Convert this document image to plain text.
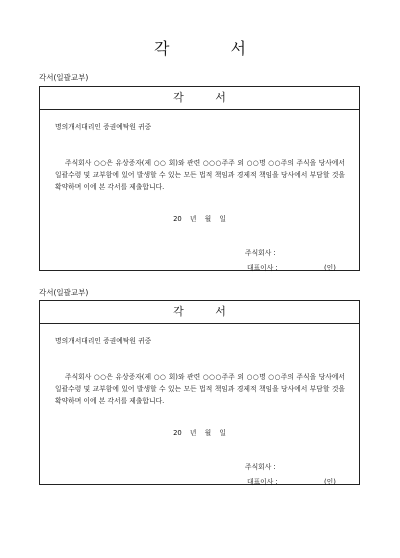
각 서
각서(일괄교부)
각 서
명의개서대리인 증권예탁원 귀중
주식회사 ○○은 유상증자(제 ○○ 회)와 관련 ○○○주주 외 ○○명 ○○주의 주식을 당사에서 일괄수령 및 교부함에 있어 발생할 수 있는 모든 법적 책임과 경제적 책임을 당사에서 부담할 것을 확약하며 이에 본 각서를 제출합니다.
20 년 월 일
주식회사 :
대표이사 :	(인)
각서(일괄교부)
각 서
명의개서대리인 증권예탁원 귀중
주식회사 ○○은 유상증자(제 ○○ 회)와 관련 ○○○주주 외 ○○명 ○○주의 주식을 당사에서 일괄수령 및 교부함에 있어 발생할 수 있는 모든 법적 책임과 경제적 책임을 당사에서 부담할 것을 확약하며 이에 본 각서를 제출합니다.
20 년 월 일
주식회사 :
대표이사 :	(인)
